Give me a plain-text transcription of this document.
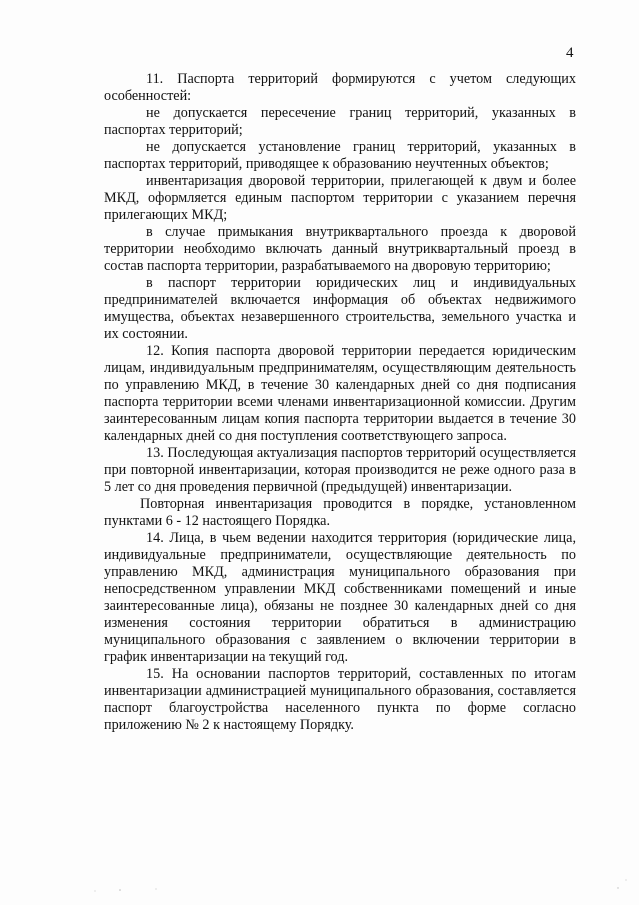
4

11. Паспорта территорий формируются с учетом следующих особенностей:

не допускается пересечение границ территорий, указанных в паспортах территорий;

не допускается установление границ территорий, указанных в паспортах территорий, приводящее к образованию неучтенных объектов;

инвентаризация дворовой территории, прилегающей к двум и более МКД, оформляется единым паспортом территории с указанием перечня прилегающих МКД;

в случае примыкания внутриквартального проезда к дворовой территории необходимо включать данный внутриквартальный проезд в состав паспорта территории, разрабатываемого на дворовую территорию;

в паспорт территории юридических лиц и индивидуальных предпринимателей включается информация об объектах недвижимого имущества, объектах незавершенного строительства, земельного участка и их состоянии.

12. Копия паспорта дворовой территории передается юридическим лицам, индивидуальным предпринимателям, осуществляющим деятельность по управлению МКД, в течение 30 календарных дней со дня подписания паспорта территории всеми членами инвентаризационной комиссии. Другим заинтересованным лицам копия паспорта территории выдается в течение 30 календарных дней со дня поступления соответствующего запроса.

13. Последующая актуализация паспортов территорий осуществляется при повторной инвентаризации, которая производится не реже одного раза в 5 лет со дня проведения первичной (предыдущей) инвентаризации.

Повторная инвентаризация проводится в порядке, установленном пунктами 6 - 12 настоящего Порядка.

14. Лица, в чьем ведении находится территория (юридические лица, индивидуальные предприниматели, осуществляющие деятельность по управлению МКД, администрация муниципального образования при непосредственном управлении МКД собственниками помещений и иные заинтересованные лица), обязаны не позднее 30 календарных дней со дня изменения состояния территории обратиться в администрацию муниципального образования с заявлением о включении территории в график инвентаризации на текущий год.

15. На основании паспортов территорий, составленных по итогам инвентаризации администрацией муниципального образования, составляется паспорт благоустройства населенного пункта по форме согласно приложению № 2 к настоящему Порядку.
